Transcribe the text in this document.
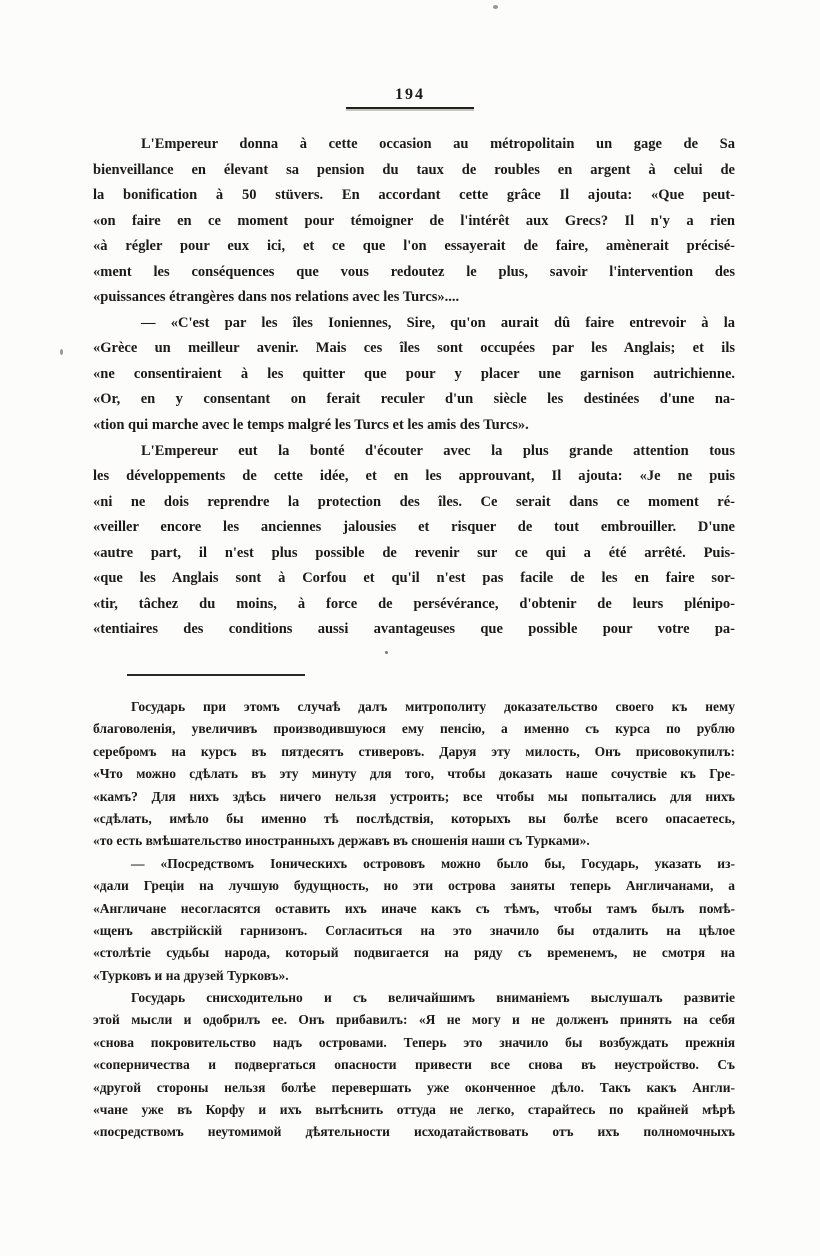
194
L'Empereur donna à cette occasion au métropolitain un gage de Sa
bienveillance en élevant sa pension du taux de roubles en argent à celui de
la bonification à 50 stüvers. En accordant cette grâce Il ajouta: «Que peut-
«on faire en ce moment pour témoigner de l'intérêt aux Grecs? Il n'y a rien
«à régler pour eux ici, et ce que l'on essayerait de faire, amènerait précisé-
«ment les conséquences que vous redoutez le plus, savoir l'intervention des
«puissances étrangères dans nos relations avec les Turcs»....
— «C'est par les îles Ioniennes, Sire, qu'on aurait dû faire entrevoir à la
«Grèce un meilleur avenir. Mais ces îles sont occupées par les Anglais; et ils
«ne consentiraient à les quitter que pour y placer une garnison autrichienne.
«Or, en y consentant on ferait reculer d'un siècle les destinées d'une na-
«tion qui marche avec le temps malgré les Turcs et les amis des Turcs».
L'Empereur eut la bonté d'écouter avec la plus grande attention tous
les développements de cette idée, et en les approuvant, Il ajouta: «Je ne puis
«ni ne dois reprendre la protection des îles. Ce serait dans ce moment ré-
«veiller encore les anciennes jalousies et risquer de tout embrouiller. D'une
«autre part, il n'est plus possible de revenir sur ce qui a été arrêté. Puis-
«que les Anglais sont à Corfou et qu'il n'est pas facile de les en faire sor-
«tir, tâchez du moins, à force de persévérance, d'obtenir de leurs plénipo-
«tentiaires des conditions aussi avantageuses que possible pour votre pa-
Государь при этомъ случаѣ далъ митрополиту доказательство своего къ нему
благоволенія, увеличивъ производившуюся ему пенсію, а именно съ курса по рублю
серебромъ на курсъ въ пятдесятъ стиверовъ. Даруя эту милость, Онъ присовокупилъ:
«Что можно сдѣлать въ эту минуту для того, чтобы доказать наше сочуствіе къ Гре-
«камъ? Для нихъ здѣсь ничего нельзя устроить; все чтобы мы попытались для нихъ
«сдѣлать, имѣло бы именно тѣ послѣдствія, которыхъ вы болѣе всего опасаетесь,
«то есть вмѣшательство иностранныхъ державъ въ сношенія наши съ Турками».
— «Посредствомъ Іоническихъ острововъ можно было бы, Государь, указать из-
«дали Греціи на лучшую будущность, но эти острова заняты теперь Англичанами, а
«Англичане несогласятся оставить ихъ иначе какъ съ тѣмъ, чтобы тамъ былъ помѣ-
«щенъ австрійскій гарнизонъ. Согласиться на это значило бы отдалить на цѣлое
«столѣтіе судьбы народа, который подвигается на ряду съ временемъ, не смотря на
«Турковъ и на друзей Турковъ».
Государь снисходительно и съ величайшимъ вниманіемъ выслушалъ развитіе
этой мысли и одобрилъ ее. Онъ прибавилъ: «Я не могу и не долженъ принять на себя
«снова покровительство надъ островами. Теперь это значило бы возбуждать прежнія
«соперничества и подвергаться опасности привести все снова въ неустройство. Съ
«другой стороны нельзя болѣе перевершать уже оконченное дѣло. Такъ какъ Англи-
«чане уже въ Корфу и ихъ вытѣснить оттуда не легко, старайтесь по крайней мѣрѣ
«посредствомъ неутомимой дѣятельности исходатайствовать отъ ихъ полномочныхъ
